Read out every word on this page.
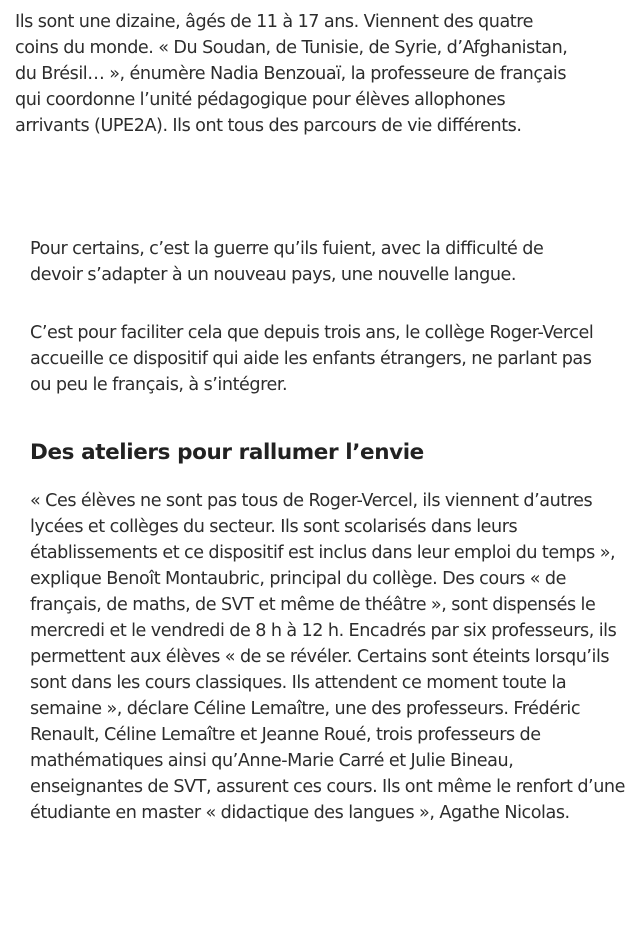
Ils sont une dizaine, âgés de 11 à 17 ans. Viennent des quatre coins du monde. « Du Soudan, de Tunisie, de Syrie, d’Afghanistan, du Brésil… », énumère Nadia Benzouaï, la professeure de français qui coordonne l’unité pédagogique pour élèves allophones arrivants (UPE2A). Ils ont tous des parcours de vie différents.

Pour certains, c’est la guerre qu’ils fuient, avec la difficulté de devoir s’adapter à un nouveau pays, une nouvelle langue.

C’est pour faciliter cela que depuis trois ans, le collège Roger-Vercel accueille ce dispositif qui aide les enfants étrangers, ne parlant pas ou peu le français, à s’intégrer.

Des ateliers pour rallumer l’envie

« Ces élèves ne sont pas tous de Roger-Vercel, ils viennent d’autres lycées et collèges du secteur. Ils sont scolarisés dans leurs établissements et ce dispositif est inclus dans leur emploi du temps », explique Benoît Montaubric, principal du collège. Des cours « de français, de maths, de SVT et même de théâtre », sont dispensés le mercredi et le vendredi de 8 h à 12 h. Encadrés par six professeurs, ils permettent aux élèves « de se révéler. Certains sont éteints lorsqu’ils sont dans les cours classiques. Ils attendent ce moment toute la semaine », déclare Céline Lemaître, une des professeurs. Frédéric Renault, Céline Lemaître et Jeanne Roué, trois professeurs de mathématiques ainsi qu’Anne-Marie Carré et Julie Bineau, enseignantes de SVT, assurent ces cours. Ils ont même le renfort d’une étudiante en master « didactique des langues », Agathe Nicolas.
